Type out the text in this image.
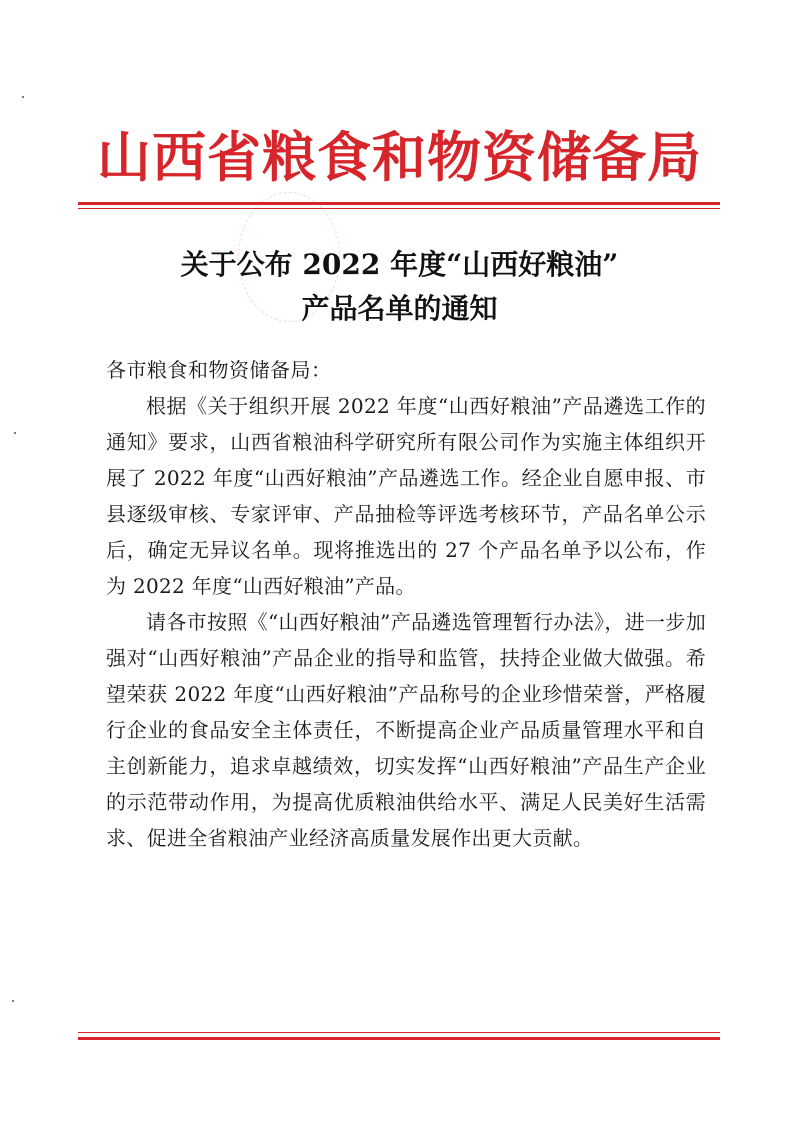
山西省粮食和物资储备局
关于公布 2022 年度“山西好粮油”
产品名单的通知

各市粮食和物资储备局：

根据《关于组织开展 2022 年度“山西好粮油”产品遴选工作的通知》要求，山西省粮油科学研究所有限公司作为实施主体组织开展了 2022 年度“山西好粮油”产品遴选工作。经企业自愿申报、市县逐级审核、专家评审、产品抽检等评选考核环节，产品名单公示后，确定无异议名单。现将推选出的 27 个产品名单予以公布，作为 2022 年度“山西好粮油”产品。

请各市按照《“山西好粮油”产品遴选管理暂行办法》，进一步加强对“山西好粮油”产品企业的指导和监管，扶持企业做大做强。希望荣获 2022 年度“山西好粮油”产品称号的企业珍惜荣誉，严格履行企业的食品安全主体责任，不断提高企业产品质量管理水平和自主创新能力，追求卓越绩效，切实发挥“山西好粮油”产品生产企业的示范带动作用，为提高优质粮油供给水平、满足人民美好生活需求、促进全省粮油产业经济高质量发展作出更大贡献。
